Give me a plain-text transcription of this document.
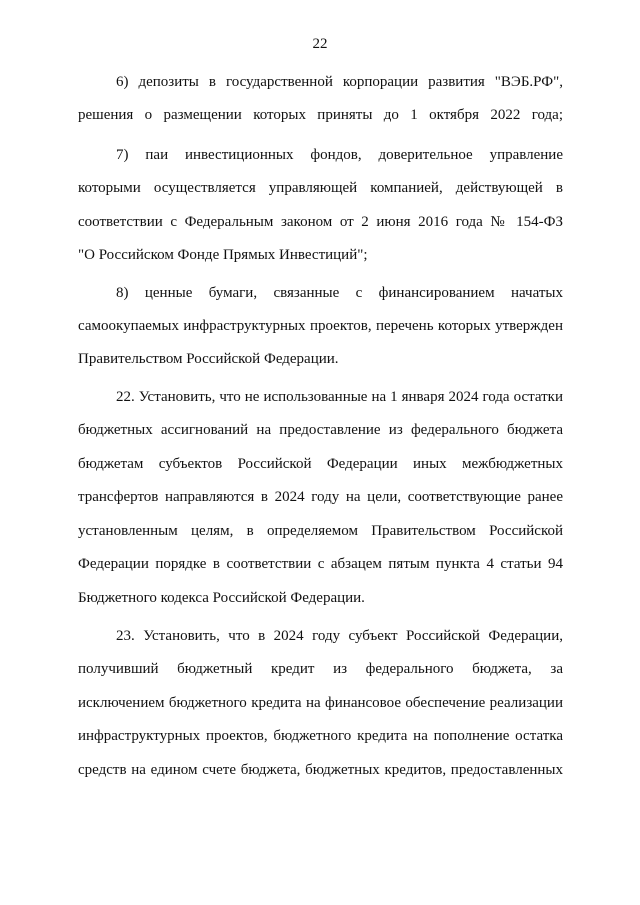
22
6) депозиты в государственной корпорации развития "ВЭБ.РФ",
решения о размещении которых приняты до 1 октября 2022 года;
7) паи инвестиционных фондов, доверительное управление
которыми осуществляется управляющей компанией, действующей в
соответствии с Федеральным законом от 2 июня 2016 года № 154-ФЗ
"О Российском Фонде Прямых Инвестиций";
8) ценные бумаги, связанные с финансированием начатых
самоокупаемых инфраструктурных проектов, перечень которых утвержден
Правительством Российской Федерации.
22. Установить, что не использованные на 1 января 2024 года остатки
бюджетных ассигнований на предоставление из федерального бюджета
бюджетам субъектов Российской Федерации иных межбюджетных
трансфертов направляются в 2024 году на цели, соответствующие ранее
установленным целям, в определяемом Правительством Российской
Федерации порядке в соответствии с абзацем пятым пункта 4 статьи 94
Бюджетного кодекса Российской Федерации.
23. Установить, что в 2024 году субъект Российской Федерации,
получивший бюджетный кредит из федерального бюджета, за
исключением бюджетного кредита на финансовое обеспечение реализации
инфраструктурных проектов, бюджетного кредита на пополнение остатка
средств на едином счете бюджета, бюджетных кредитов, предоставленных
